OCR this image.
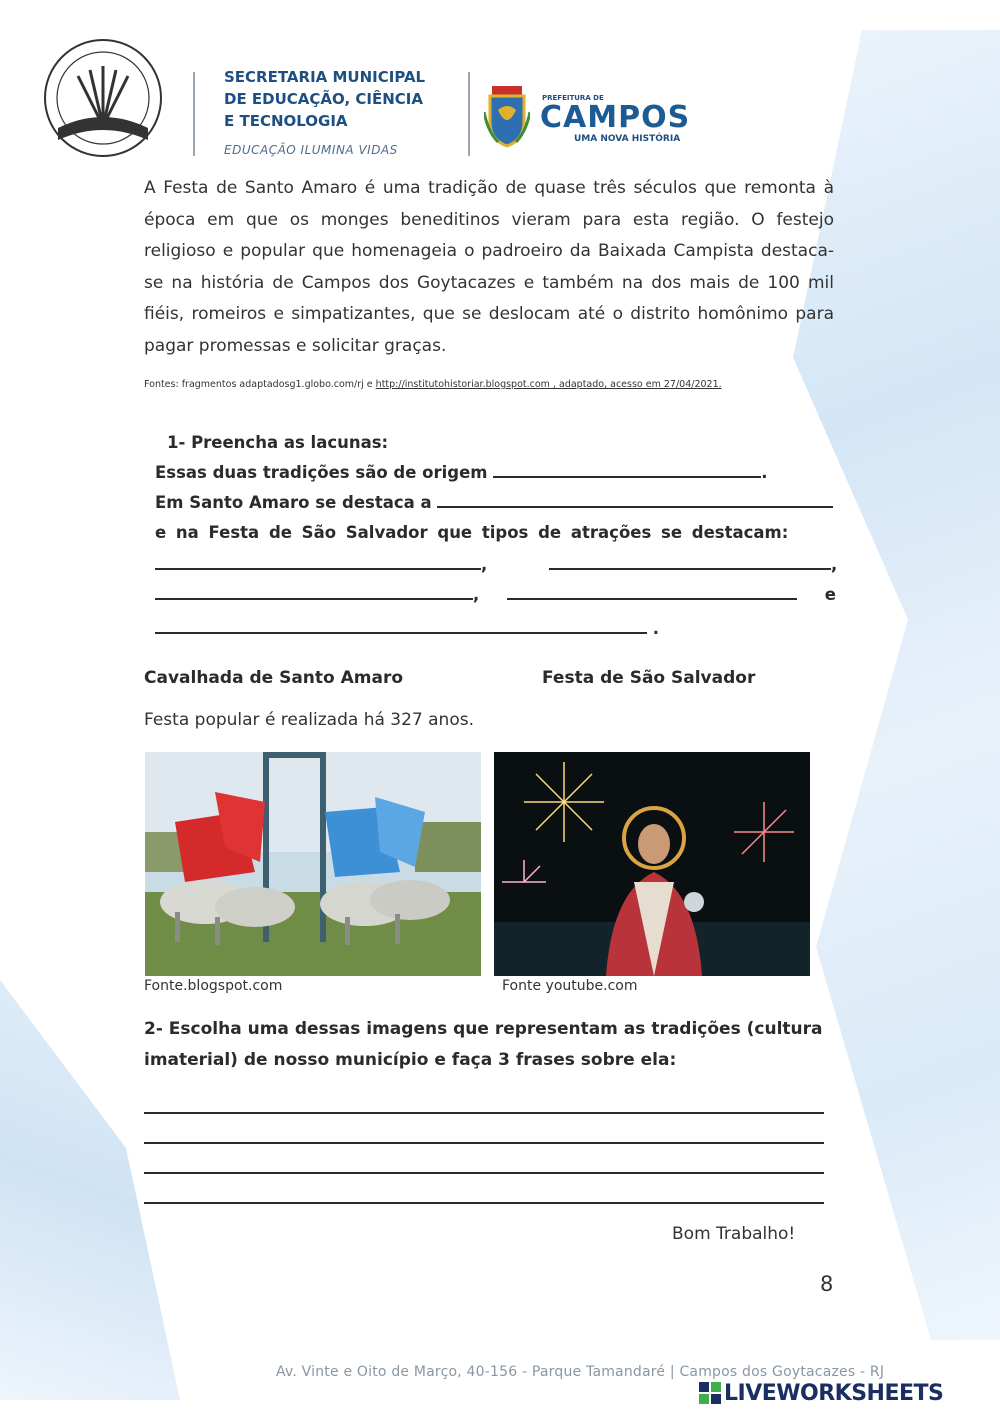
SECRETARIA MUNICIPAL
DE EDUCAÇÃO, CIÊNCIA
E TECNOLOGIA
EDUCAÇÃO ILUMINA VIDAS
PREFEITURA DE
CAMPOS
UMA NOVA HISTÓRIA
A Festa de Santo Amaro é uma tradição de quase três séculos que remonta à época em que os monges beneditinos vieram para esta região. O festejo religioso e popular que homenageia o padroeiro da Baixada Campista destaca-se na história de Campos dos Goytacazes e também na dos mais de 100 mil fiéis, romeiros e simpatizantes, que se deslocam até o distrito homônimo para pagar promessas e solicitar graças.
Fontes: fragmentos adaptadosg1.globo.com/rj e http://institutohistoriar.blogspot.com , adaptado, acesso em 27/04/2021.
1- Preencha as lacunas:
Essas duas tradições são de origem	.
Em Santo Amaro se destaca a
e na Festa de São Salvador que tipos de atrações se destacam:
,	,
,	e
.
Cavalhada de Santo Amaro	Festa de São Salvador
Festa popular é realizada há 327 anos.
Fonte.blogspot.com	Fonte youtube.com
2- Escolha uma dessas imagens que representam as tradições (cultura imaterial) de nosso município e faça 3 frases sobre ela:
Bom Trabalho!
8
Av. Vinte e Oito de Março, 40-156 - Parque Tamandaré | Campos dos Goytacazes - RJ
LIVEWORKSHEETS
